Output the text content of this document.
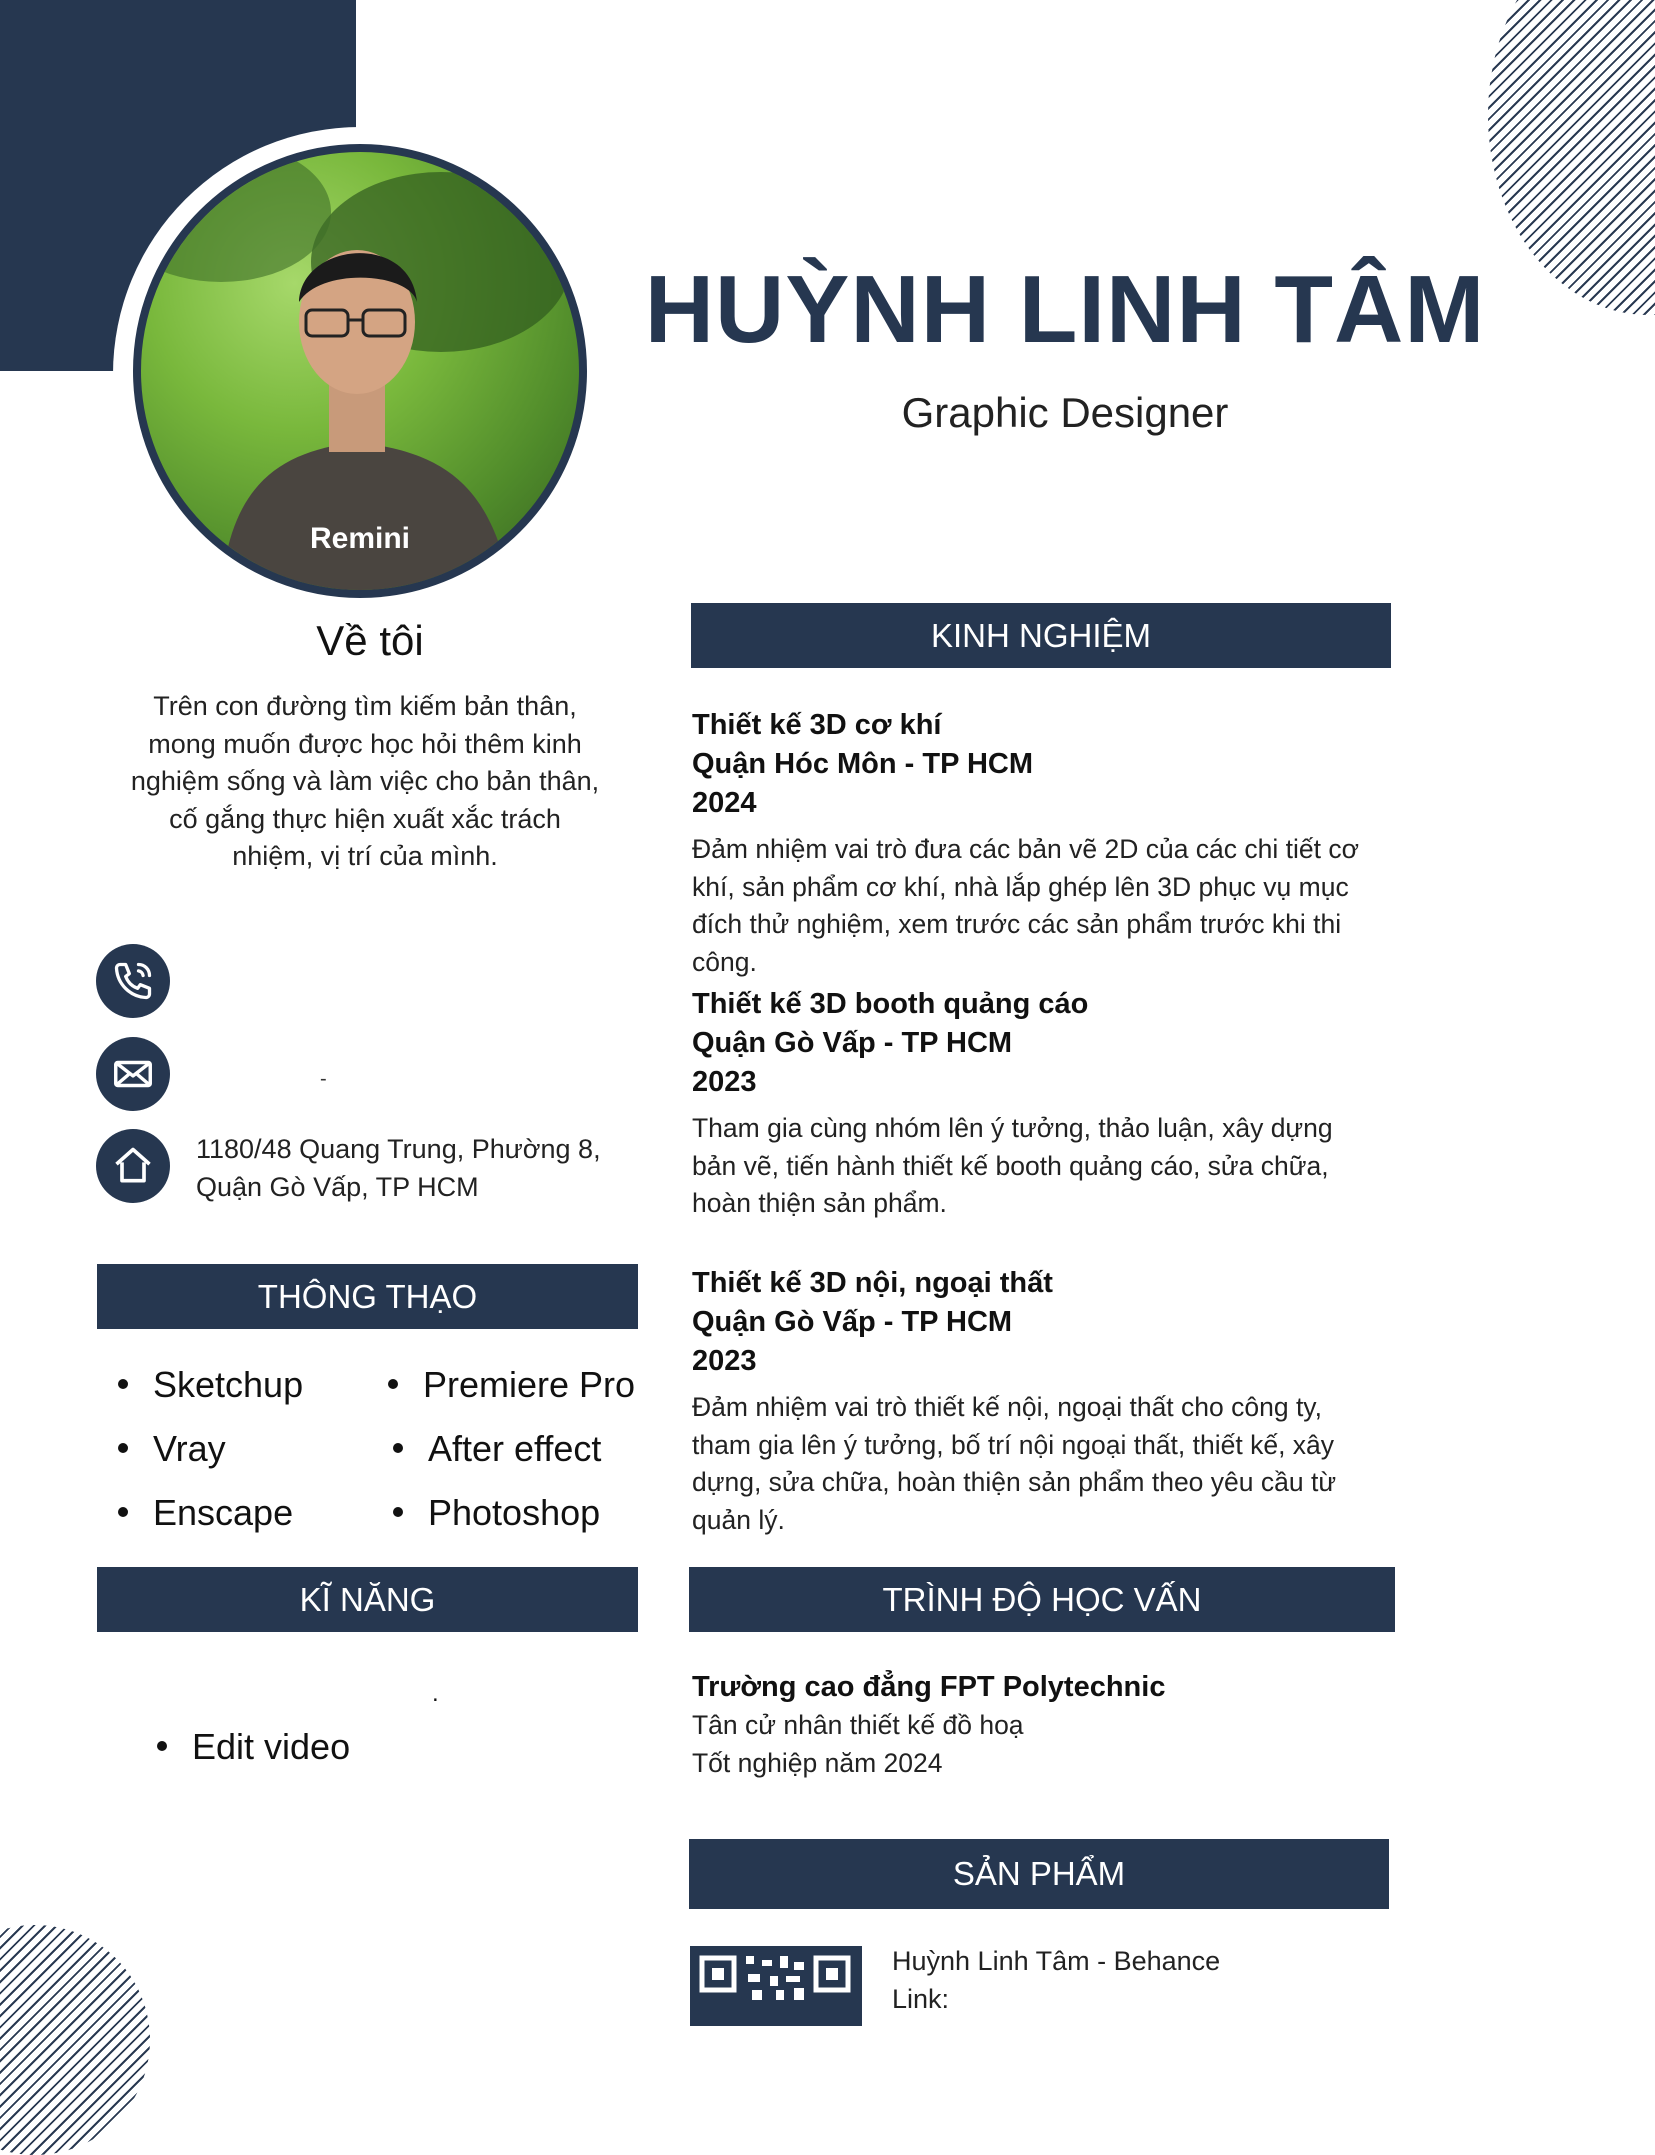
Remini
HUỲNH LINH TÂM
Graphic Designer
Về tôi
Trên con đường tìm kiếm bản thân, mong muốn được học hỏi thêm kinh nghiệm sống và làm việc cho bản thân, cố gắng thực hiện xuất xắc trách nhiệm, vị trí của mình.
-
1180/48 Quang Trung, Phường 8,
Quận Gò Vấp, TP HCM
THÔNG THẠO
Sketchup
Vray
Enscape
Premiere Pro
After effect
Photoshop
KĨ NĂNG
.
Edit video
KINH NGHIỆM
Thiết kế 3D cơ khí
Quận Hóc Môn - TP HCM
2024
Đảm nhiệm vai trò đưa các bản vẽ 2D của các chi tiết cơ khí, sản phẩm cơ khí, nhà lắp ghép lên 3D phục vụ mục đích thử nghiệm, xem trước các sản phẩm trước khi thi công.
Thiết kế 3D booth quảng cáo
Quận Gò Vấp - TP HCM
2023
Tham gia cùng nhóm lên ý tưởng, thảo luận, xây dựng bản vẽ, tiến hành thiết kế booth quảng cáo, sửa chữa, hoàn thiện sản phẩm.
Thiết kế 3D nội, ngoại thất
Quận Gò Vấp - TP HCM
2023
Đảm nhiệm vai trò thiết kế nội, ngoại thất cho công ty, tham gia lên ý tưởng, bố trí nội ngoại thất, thiết kế, xây dựng, sửa chữa, hoàn thiện sản phẩm theo yêu cầu từ quản lý.
TRÌNH ĐỘ HỌC VẤN
Trường cao đẳng FPT Polytechnic
Tân cử nhân thiết kế đồ hoạ
Tốt nghiệp năm 2024
SẢN PHẨM
Huỳnh Linh Tâm - Behance
Link:
